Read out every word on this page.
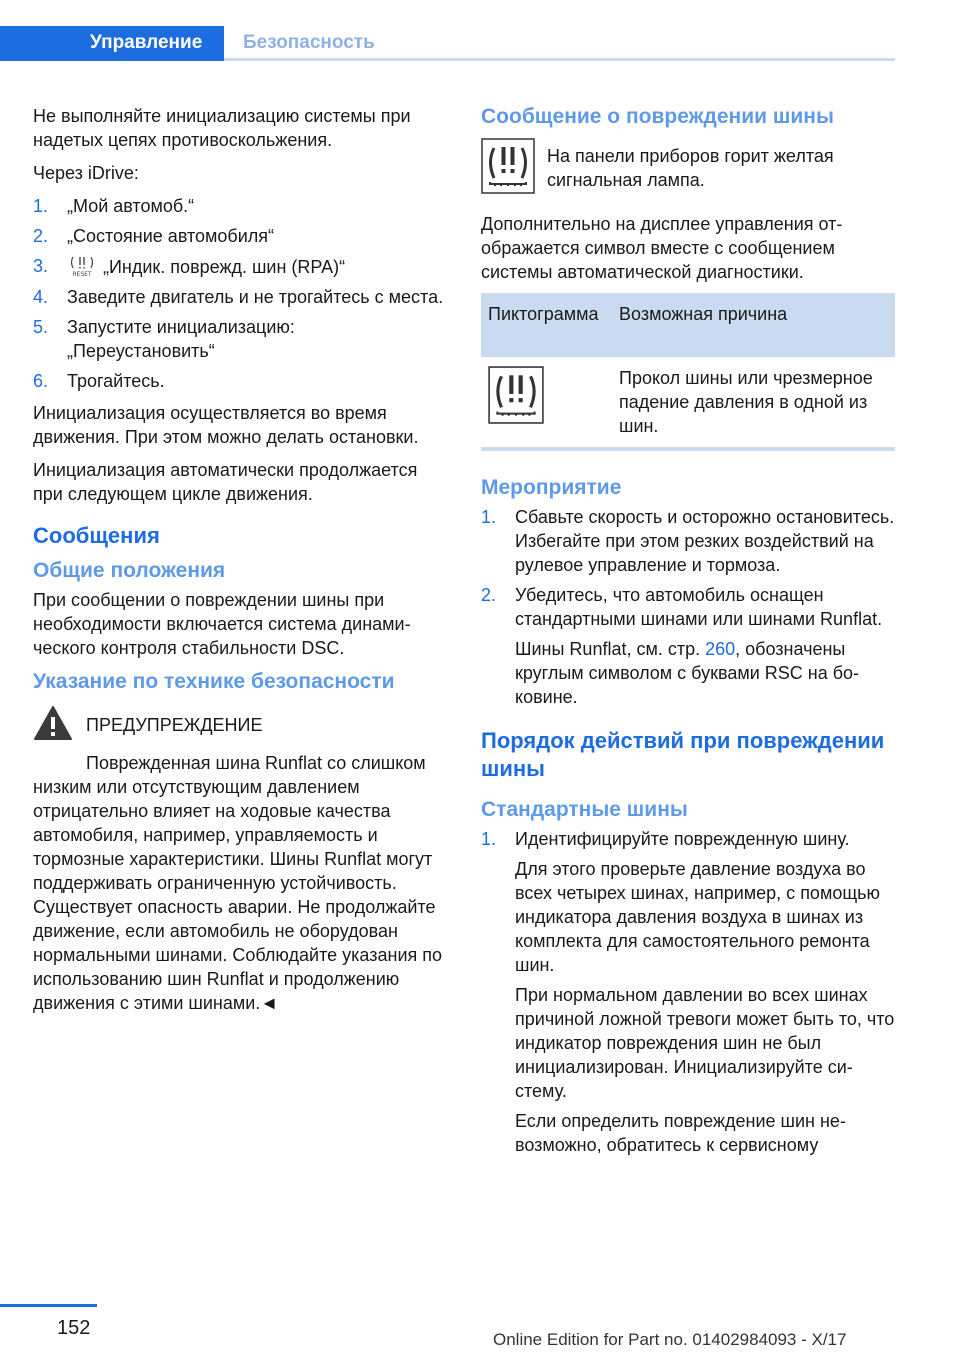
Управление Безопасность

Не выполняйте инициализацию системы при надетых цепях противоскольжения.

Через iDrive:

1.	„Мой автомоб.“
2.	„Состояние автомобиля“
3.	RESET „Индик. поврежд. шин (RPA)“
4.	Заведите двигатель и не трогайтесь с места.
5.	Запустите инициализацию: „Переустановить“
6.	Трогайтесь.

Инициализация осуществляется во время движения. При этом можно делать остановки.

Инициализация автоматически продолжается при следующем цикле движения.

Сообщения
Общие положения

При сообщении о повреждении шины при необходимости включается система динамического контроля стабильности DSC.

Указание по технике безопасности
ПРЕДУПРЕЖДЕНИЕ

Поврежденная шина Runflat со слишком низким или отсутствующим давлением отрицательно влияет на ходовые качества автомобиля, например, управляемость и тормозные характеристики. Шины Runflat могут поддерживать ограниченную устойчивость. Существует опасность аварии. Не продолжайте движение, если автомобиль не оборудован нормальными шинами. Соблюдайте указания по использованию шин Runflat и продолжению движения с этими шинами.◄

Сообщение о повреждении шины
На панели приборов горит желтая сигнальная лампа.

Дополнительно на дисплее управления отображается символ вместе с сообщением системы автоматической диагностики.

Пиктограмма	Возможная причина
	Прокол шины или чрезмерное падение давления в одной из шин.
Мероприятие
1.	Сбавьте скорость и осторожно остановитесь. Избегайте при этом резких воздействий на рулевое управление и тормоза.
2.	Убедитесь, что автомобиль оснащен стандартными шинами или шинами Runflat.
Шины Runflat, см. стр. 260, обозначены круглым символом с буквами RSC на боковине.
Порядок действий при повреждении шины
Стандартные шины
1.	Идентифицируйте поврежденную шину.
Для этого проверьте давление воздуха во всех четырех шинах, например, с помощью индикатора давления воздуха в шинах из комплекта для самостоятельного ремонта шин.
При нормальном давлении во всех шинах причиной ложной тревоги может быть то, что индикатор повреждения шин не был инициализирован. Инициализируйте систему.
Если определить повреждение шин невозможно, обратитесь к сервисному
152
Online Edition for Part no. 01402984093 - X/17
